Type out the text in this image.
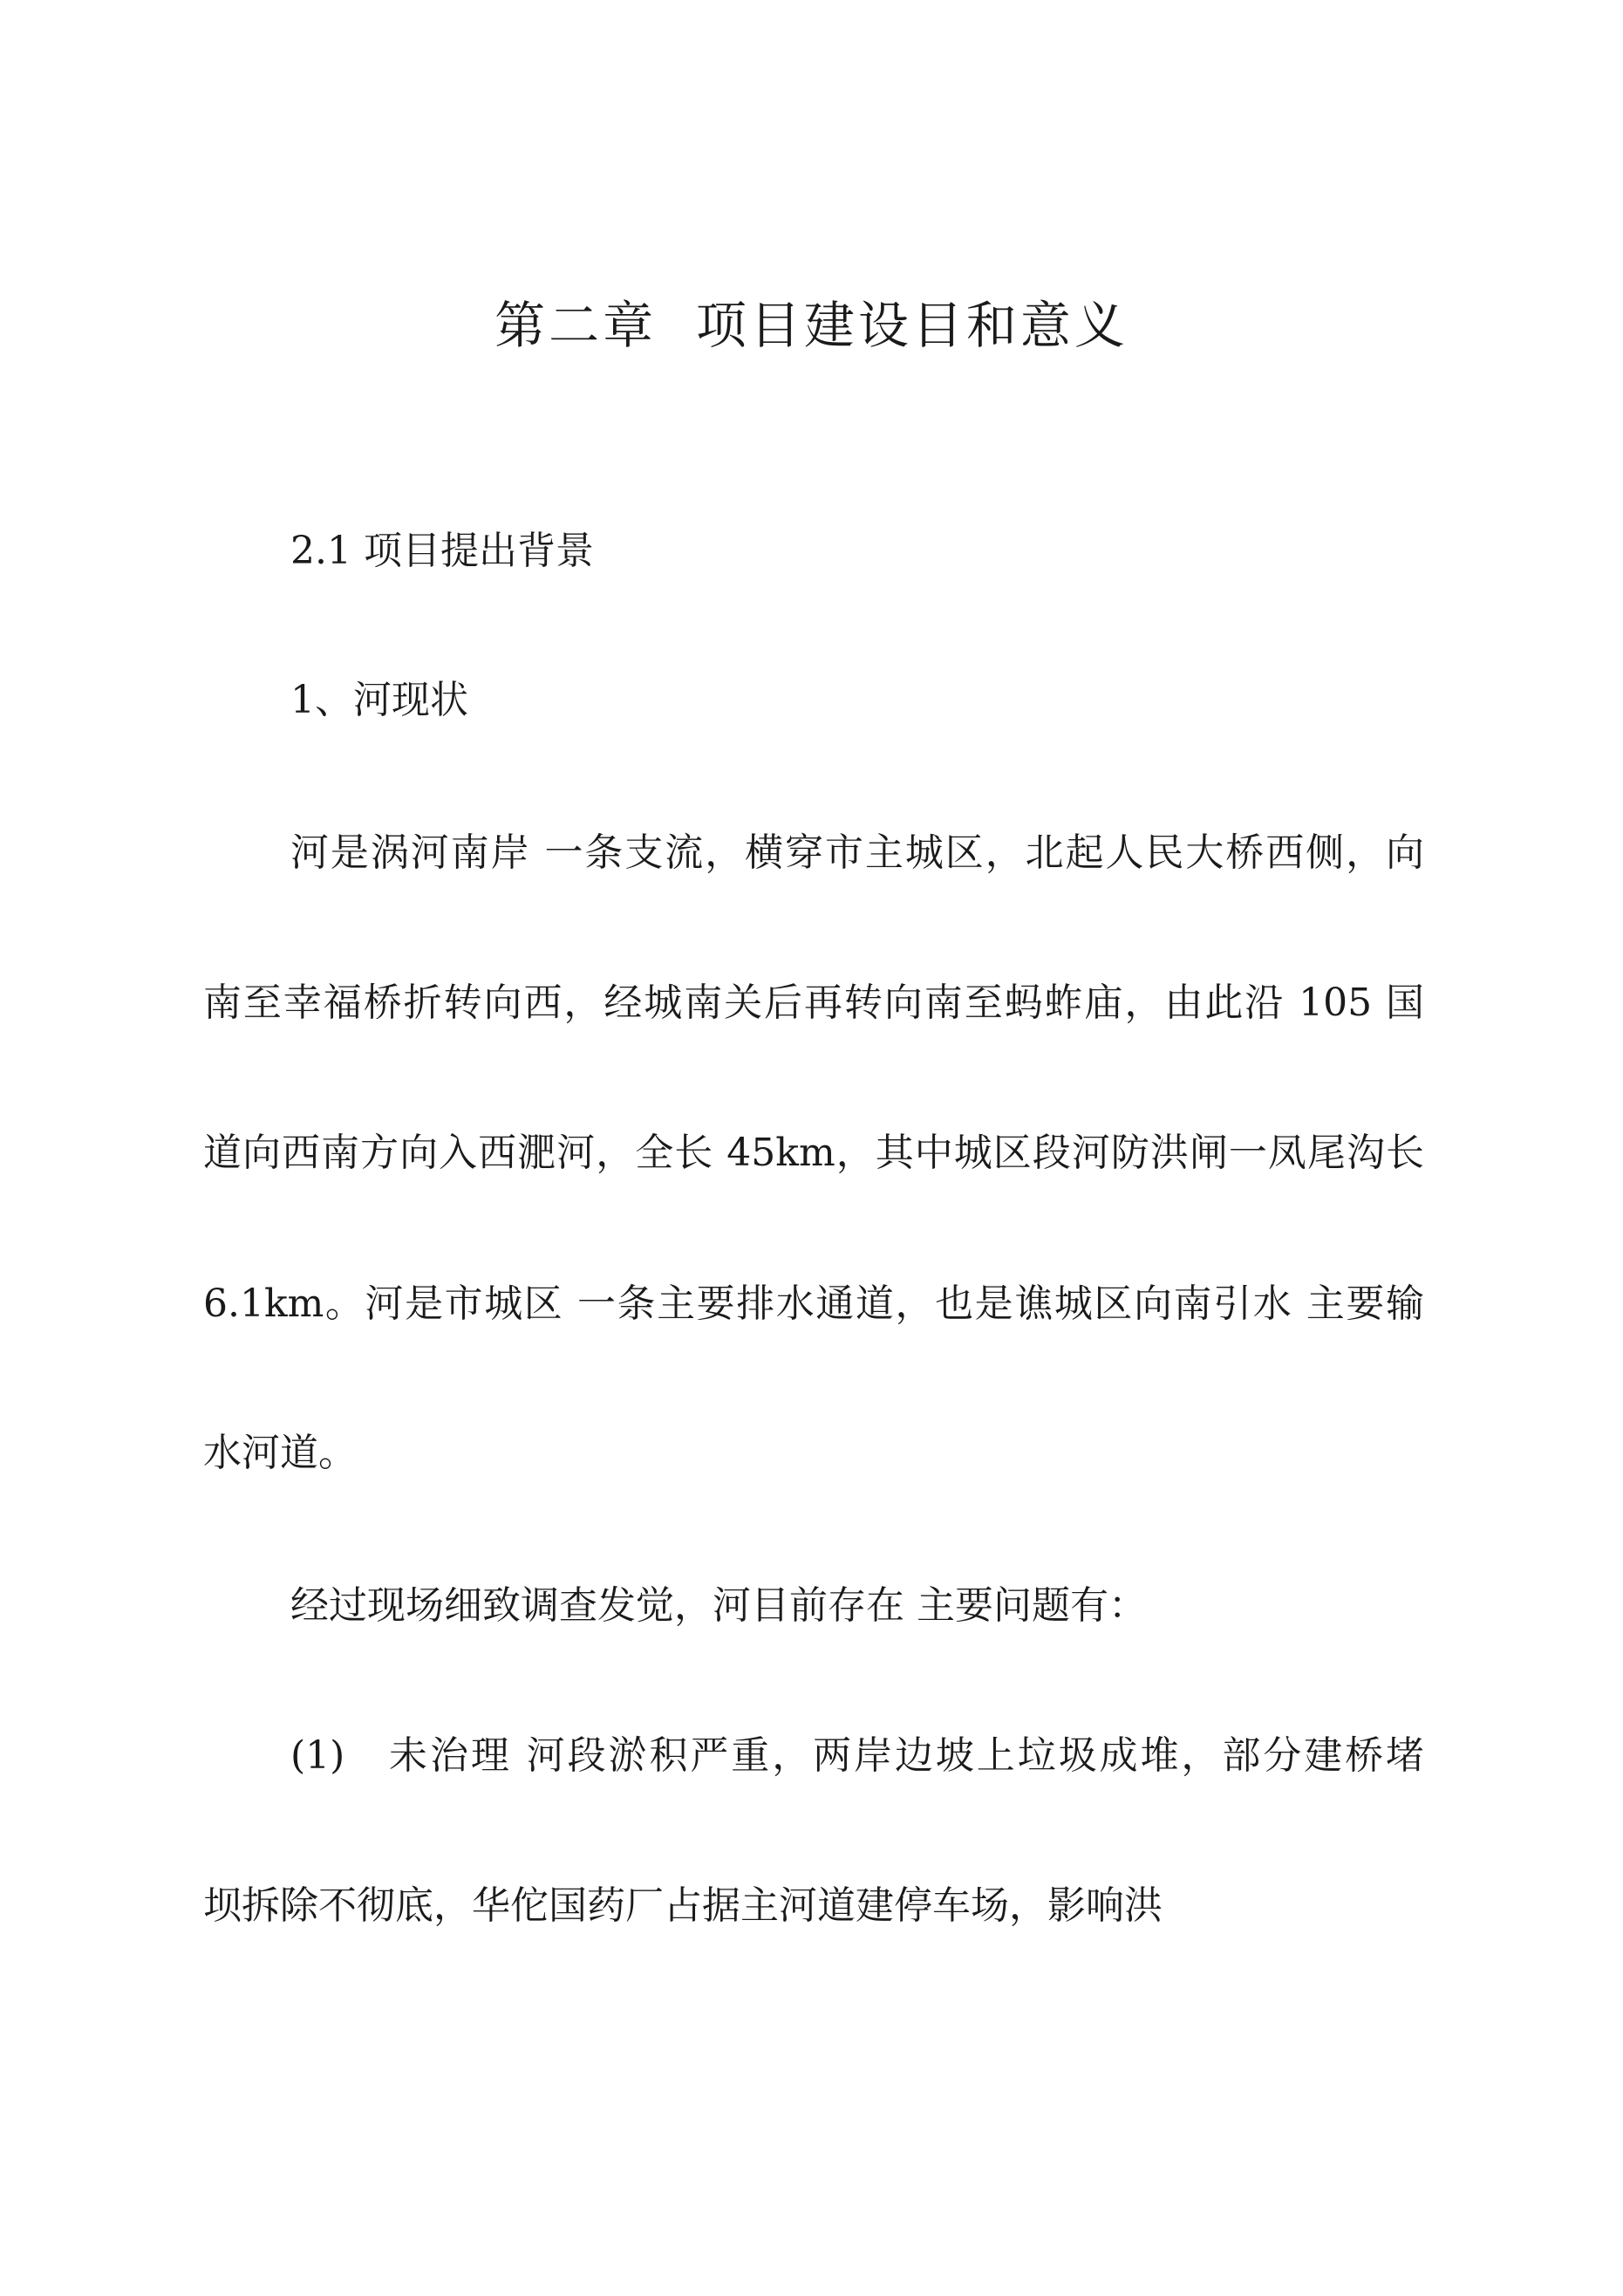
第二章  项目建设目和意义
2.1 项目提出背景
1、河现状
河是涡河南岸 一条支流，横穿市主城区，北起人民大桥西侧，向
南至幸福桥折转向西，经城南关后再转向南至蚂蚱庙，由此沿 105 国
道向西南方向入西淝河，全长 45km，其中城区段河防洪闸一凤尾沟长
6.1km。河是市城区 一条主要排水通道，也是谯城区向南引水 主要输
水河道。
经过现场细致调查发觉，河目前存在 主要问题有：
(1)   未治理 河段淤积严重，两岸边坡上垃圾成堆，部分建桥堵
坝拆除不彻底，华佗国药厂占据主河道建停车场，影响洪
